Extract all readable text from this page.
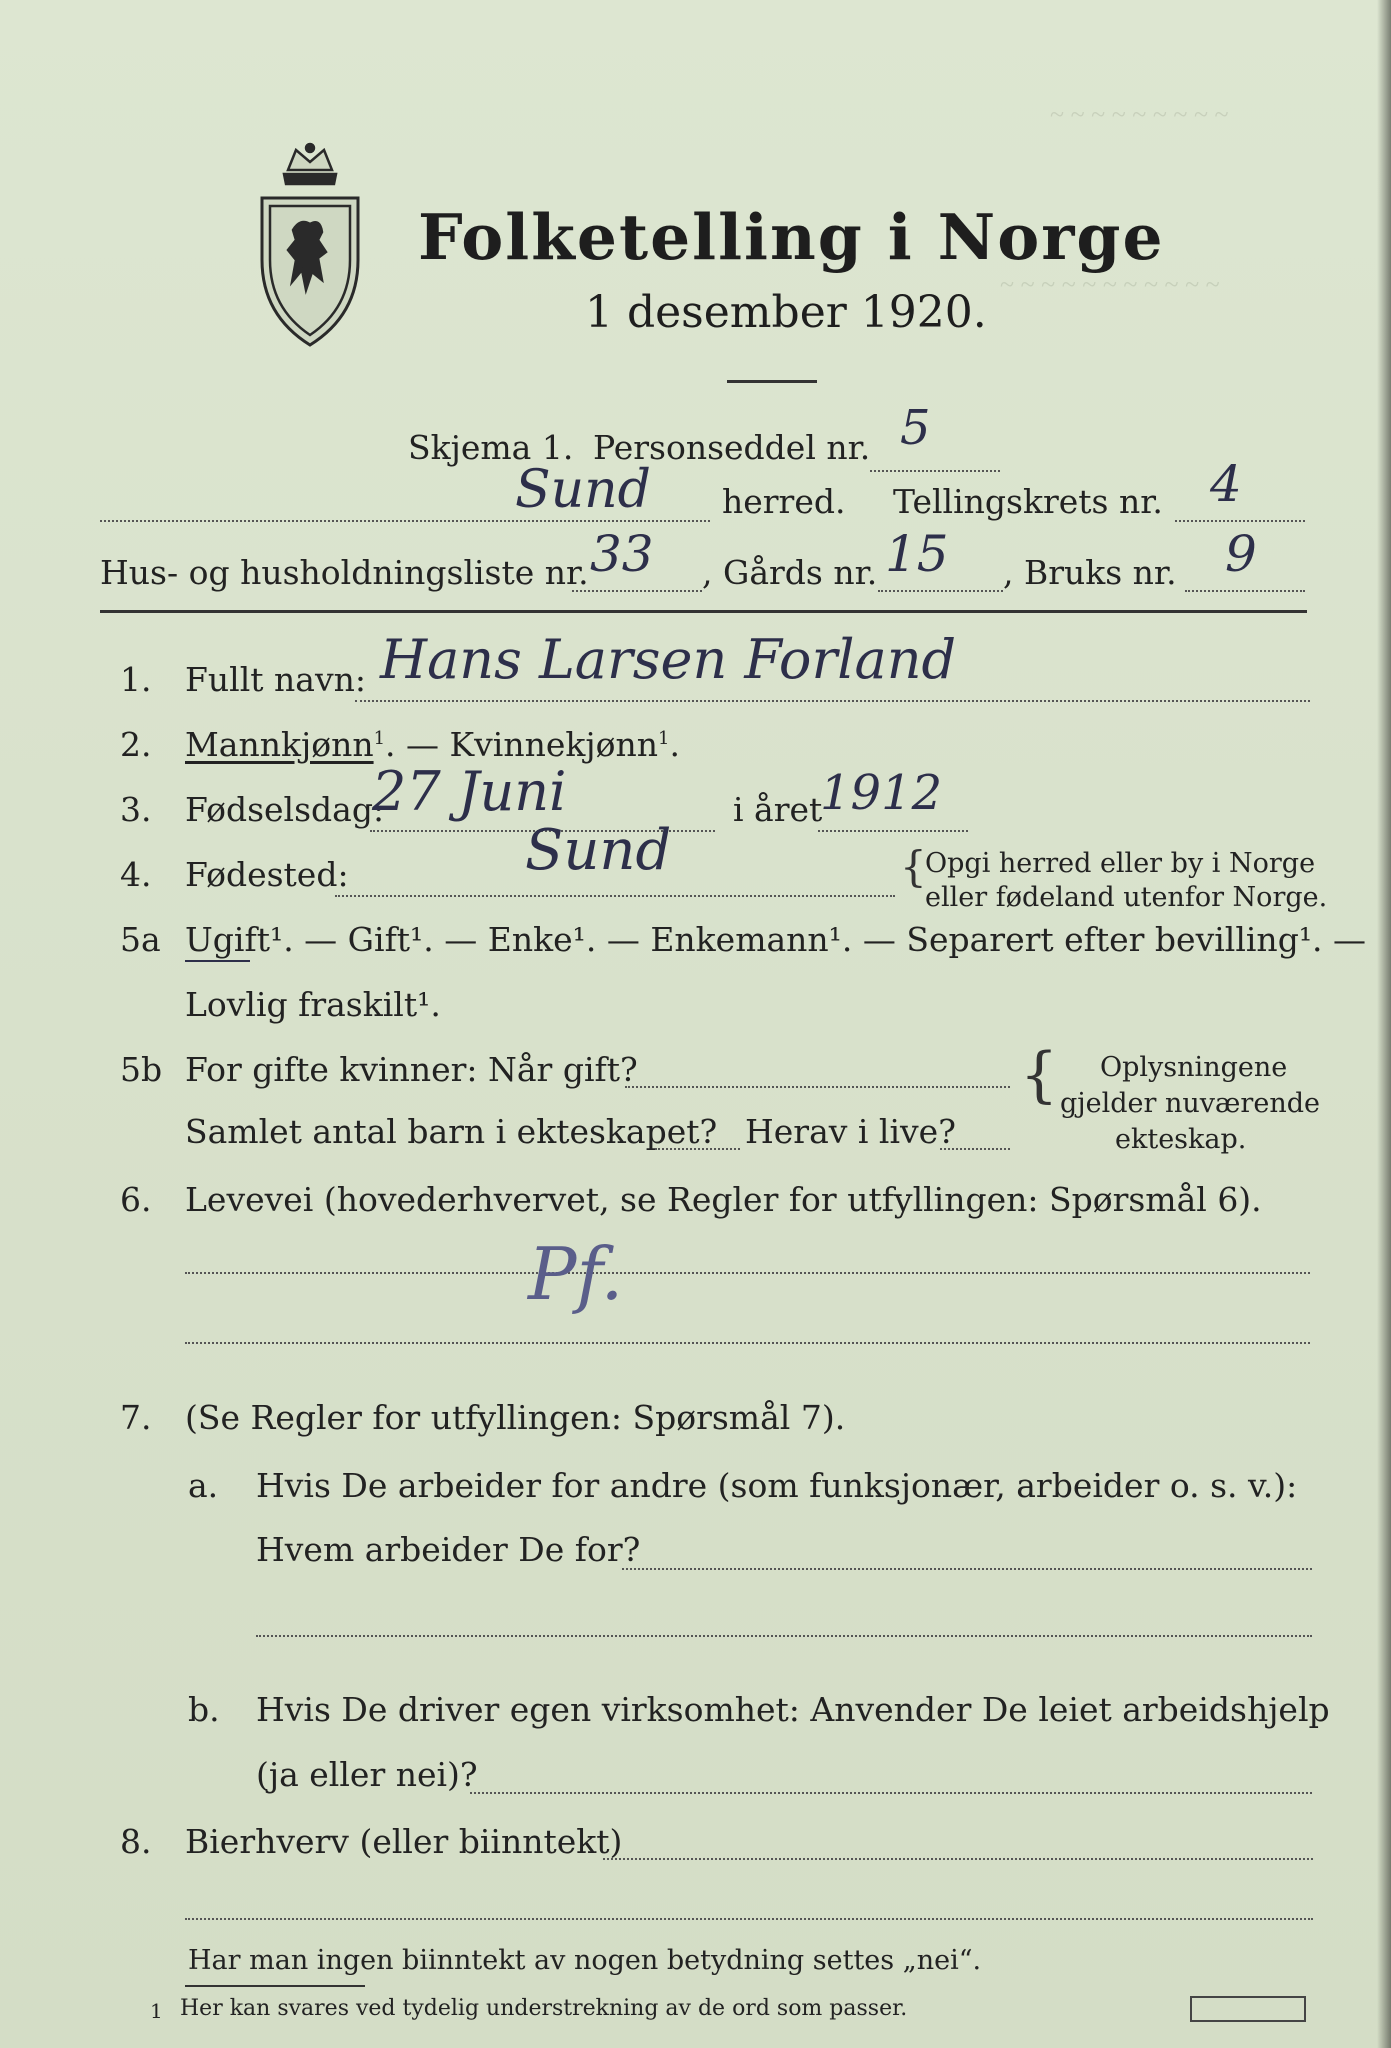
~ ~ ~ ~ ~ ~ ~ ~ ~
~ ~ ~ ~ ~ ~ ~ ~ ~ ~ ~
Folketelling i Norge
1 desember 1920.
Skjema 1. Personseddel nr. 5
Sund herred. Tellingskrets nr. 4
Hus- og husholdningsliste nr. 33 , Gårds nr. 15 , Bruks nr. 9
1. Fullt navn: Hans Larsen Forland
2. Mannkjønn$^1$. — Kvinnekjønn$^1$.
3. Fødselsdag:
27 Juni	i året
1912
4. Fødested:	Sund	{
Opgi herred eller by i Norge
eller fødeland utenfor Norge.
5a Ugift¹. — Gift¹. — Enke¹. — Enkemann¹. — Separert efter bevilling¹. —
Lovlig fraskilt¹.
5b For gifte kvinner: Når gift?
Samlet antal barn i ekteskapet? Herav i live?
{ Oplysningene
gjelder nuværende
ekteskap.
6. Levevei (hovederhvervet, se Regler for utfyllingen: Spørsmål 6).
Pf.
7. (Se Regler for utfyllingen: Spørsmål 7).
a. Hvis De arbeider for andre (som funksjonær, arbeider o. s. v.):
Hvem arbeider De for?
b. Hvis De driver egen virksomhet: Anvender De leiet arbeidshjelp
(ja eller nei)?
8. Bierhverv (eller biinntekt)
Har man ingen biinntekt av nogen betydning settes „nei“.
1 Her kan svares ved tydelig understrekning av de ord som passer.
